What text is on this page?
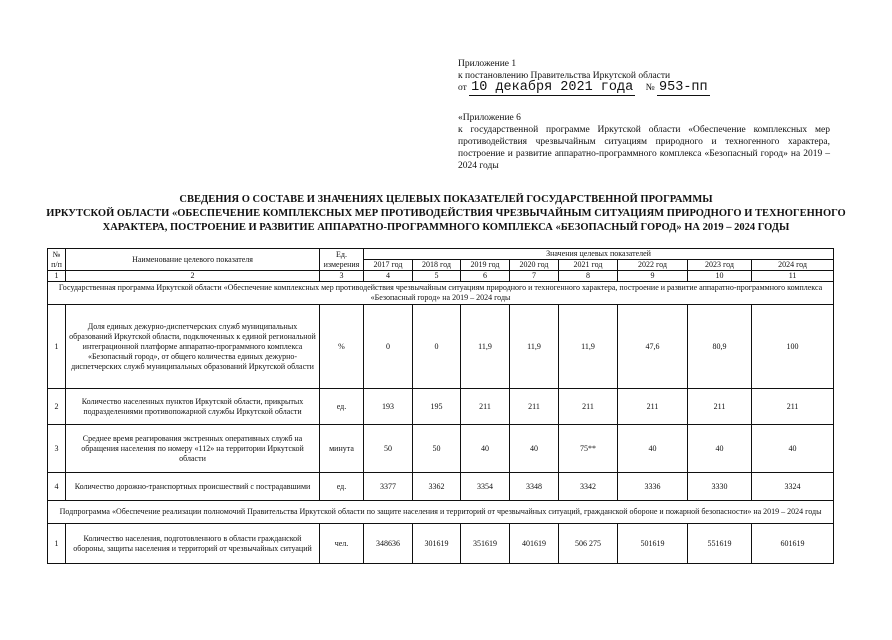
Приложение 1
к постановлению Правительства Иркутской области
от 10 декабря 2021 года № 953-пп
«Приложение 6
к государственной программе Иркутской области «Обеспечение комплексных мер противодействия чрезвычайным ситуациям природного и техногенного характера, построение и развитие аппаратно-программного комплекса «Безопасный город» на 2019 – 2024 годы
СВЕДЕНИЯ О СОСТАВЕ И ЗНАЧЕНИЯХ ЦЕЛЕВЫХ ПОКАЗАТЕЛЕЙ ГОСУДАРСТВЕННОЙ ПРОГРАММЫ
ИРКУТСКОЙ ОБЛАСТИ «ОБЕСПЕЧЕНИЕ КОМПЛЕКСНЫХ МЕР ПРОТИВОДЕЙСТВИЯ ЧРЕЗВЫЧАЙНЫМ СИТУАЦИЯМ ПРИРОДНОГО И ТЕХНОГЕННОГО
ХАРАКТЕРА, ПОСТРОЕНИЕ И РАЗВИТИЕ АППАРАТНО-ПРОГРАММНОГО КОМПЛЕКСА «БЕЗОПАСНЫЙ ГОРОД» НА 2019 – 2024 ГОДЫ
№ п/п	Наименование целевого показателя	Ед. измерения	Значения целевых показателей							
			2017 год	2018 год	2019 год	2020 год	2021 год	2022 год	2023 год	2024 год
1	2	3	4	5	6	7	8	9	10	11
Государственная программа Иркутской области «Обеспечение комплексных мер противодействия чрезвычайным ситуациям природного и техногенного характера, построение и развитие аппаратно-программного комплекса «Безопасный город» на 2019 – 2024 годы										
1	Доля единых дежурно-диспетчерских служб муниципальных образований Иркутской области, подключенных к единой региональной интеграционной платформе аппаратно-программного комплекса «Безопасный город», от общего количества единых дежурно-диспетчерских служб муниципальных образований Иркутской области	%	0	0	11,9	11,9	11,9	47,6	80,9	100
2	Количество населенных пунктов Иркутской области, прикрытых подразделениями противопожарной службы Иркутской области	ед.	193	195	211	211	211	211	211	211
3	Среднее время реагирования экстренных оперативных служб на обращения населения по номеру «112» на территории Иркутской области	минута	50	50	40	40	75**	40	40	40
4	Количество дорожно-транспортных происшествий с пострадавшими	ед.	3377	3362	3354	3348	3342	3336	3330	3324
Подпрограмма «Обеспечение реализации полномочий Правительства Иркутской области по защите населения и территорий от чрезвычайных ситуаций, гражданской обороне и пожарной безопасности» на 2019 – 2024 годы										
1	Количество населения, подготовленного в области гражданской обороны, защиты населения и территорий от чрезвычайных ситуаций	чел.	348636	301619	351619	401619	506 275	501619	551619	601619
